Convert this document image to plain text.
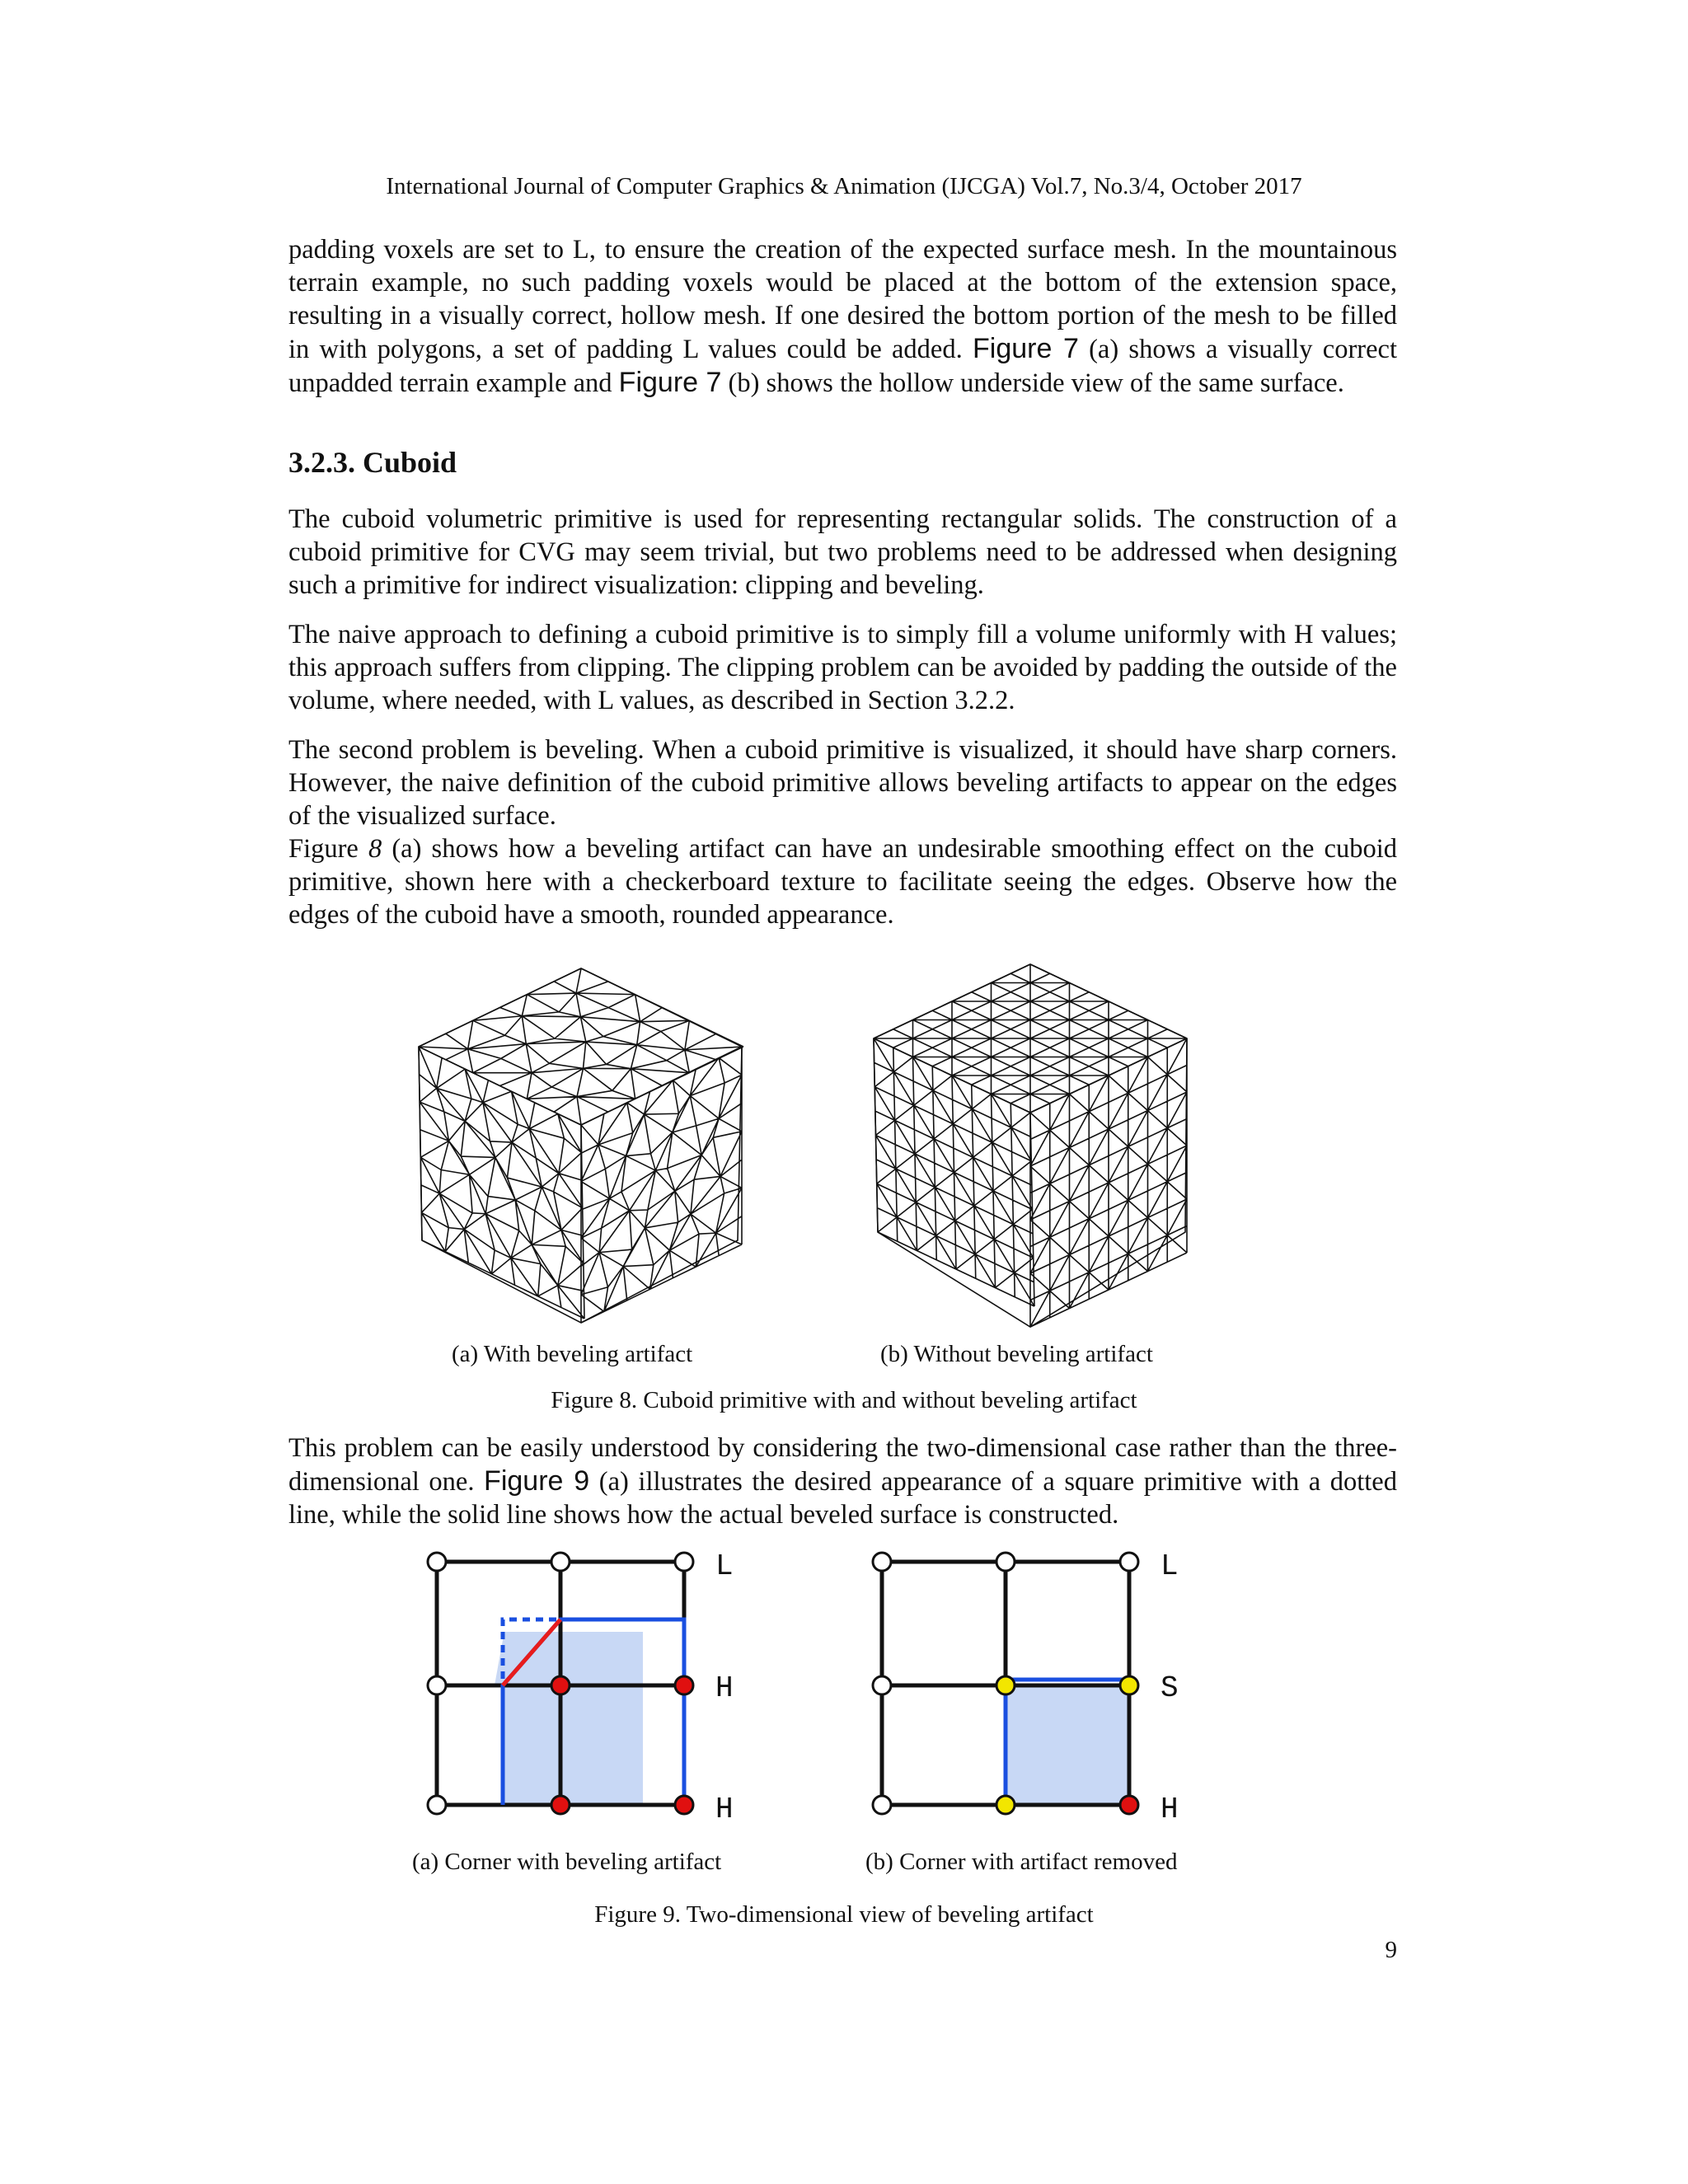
International Journal of Computer Graphics & Animation (IJCGA) Vol.7, No.3/4, October 2017
padding voxels are set to L, to ensure the creation of the expected surface mesh. In the mountainous terrain example, no such padding voxels would be placed at the bottom of the extension space, resulting in a visually correct, hollow mesh. If one desired the bottom portion of the mesh to be filled in with polygons, a set of padding L values could be added. Figure 7 (a) shows a visually correct unpadded terrain example and Figure 7 (b) shows the hollow underside view of the same surface.
3.2.3. Cuboid
The cuboid volumetric primitive is used for representing rectangular solids. The construction of a cuboid primitive for CVG may seem trivial, but two problems need to be addressed when designing such a primitive for indirect visualization: clipping and beveling.
The naive approach to defining a cuboid primitive is to simply fill a volume uniformly with H values; this approach suffers from clipping. The clipping problem can be avoided by padding the outside of the volume, where needed, with L values, as described in Section 3.2.2.
The second problem is beveling. When a cuboid primitive is visualized, it should have sharp corners. However, the naive definition of the cuboid primitive allows beveling artifacts to appear on the edges of the visualized surface.
Figure 8 (a) shows how a beveling artifact can have an undesirable smoothing effect on the cuboid primitive, shown here with a checkerboard texture to facilitate seeing the edges. Observe how the edges of the cuboid have a smooth, rounded appearance.
(a) With beveling artifact	(b) Without beveling artifact
Figure 8. Cuboid primitive with and without beveling artifact
This problem can be easily understood by considering the two-dimensional case rather than the three-dimensional one. Figure 9 (a) illustrates the desired appearance of a square primitive with a dotted line, while the solid line shows how the actual beveled surface is constructed.
L
H
H
L
S
H
(a) Corner with beveling artifact	(b) Corner with artifact removed
Figure 9. Two-dimensional view of beveling artifact
9
